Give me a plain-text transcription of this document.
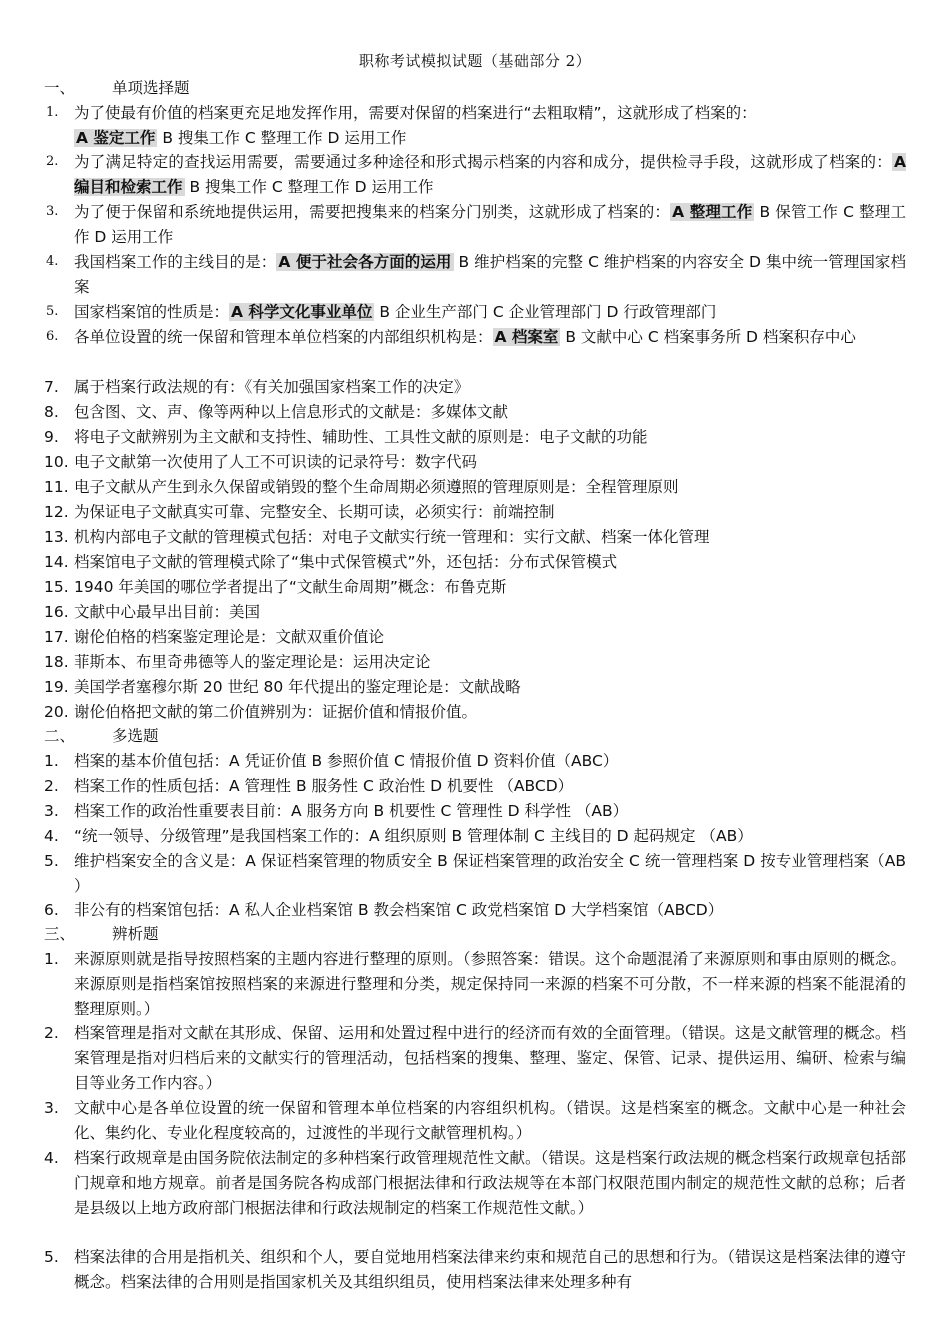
职称考试模拟试题（基础部分 2）
一、 单项选择题
1.	为了使最有价值的档案更充足地发挥作用，需要对保留的档案进行“去粗取精”，这就形成了档案的：
A 鉴定工作 B 搜集工作 C 整理工作 D 运用工作
2.	为了满足特定的查找运用需要，需要通过多种途径和形式揭示档案的内容和成分，提供检寻手段，这就形成了档案的： A 编目和检索工作 B 搜集工作 C 整理工作 D 运用工作
3.	为了便于保留和系统地提供运用，需要把搜集来的档案分门别类，这就形成了档案的： A 整理工作 B 保管工作 C 整理工作 D 运用工作
4.	我国档案工作的主线目的是： A 便于社会各方面的运用 B 维护档案的完整 C 维护档案的内容安全 D 集中统一管理国家档案
5.	国家档案馆的性质是： A 科学文化事业单位 B 企业生产部门 C 企业管理部门 D 行政管理部门
6.	各单位设置的统一保留和管理本单位档案的内部组织机构是： A 档案室 B 文献中心 C 档案事务所 D 档案积存中心
7. 属于档案行政法规的有：《有关加强国家档案工作的决定》
8. 包含图、文、声、像等两种以上信息形式的文献是：多媒体文献
9. 将电子文献辨别为主文献和支持性、辅助性、工具性文献的原则是：电子文献的功能
10. 电子文献第一次使用了人工不可识读的记录符号：数字代码
11. 电子文献从产生到永久保留或销毁的整个生命周期必须遵照的管理原则是：全程管理原则
12. 为保证电子文献真实可靠、完整安全、长期可读，必须实行：前端控制
13. 机构内部电子文献的管理模式包括：对电子文献实行统一管理和：实行文献、档案一体化管理
14. 档案馆电子文献的管理模式除了“集中式保管模式”外，还包括：分布式保管模式
15. 1940 年美国的哪位学者提出了“文献生命周期”概念：布鲁克斯
16. 文献中心最早出目前：美国
17. 谢伦伯格的档案鉴定理论是：文献双重价值论
18. 菲斯本、布里奇弗德等人的鉴定理论是：运用决定论
19. 美国学者塞穆尔斯 20 世纪 80 年代提出的鉴定理论是：文献战略
20. 谢伦伯格把文献的第二价值辨别为：证据价值和情报价值。
二、 多选题
1. 档案的基本价值包括：A 凭证价值 B 参照价值 C 情报价值 D 资料价值（ABC）
2. 档案工作的性质包括：A 管理性 B 服务性 C 政治性 D 机要性 （ABCD）
3. 档案工作的政治性重要表目前：A 服务方向 B 机要性 C 管理性 D 科学性 （AB）
4. “统一领导、分级管理”是我国档案工作的：A 组织原则 B 管理体制 C 主线目的 D 起码规定 （AB）
5. 维护档案安全的含义是：A 保证档案管理的物质安全 B 保证档案管理的政治安全 C 统一管理档案 D 按专业管理档案（AB ）
6. 非公有的档案馆包括：A 私人企业档案馆 B 教会档案馆 C 政党档案馆 D 大学档案馆（ABCD）
三、 辨析题
1. 来源原则就是指导按照档案的主题内容进行整理的原则。（参照答案：错误。这个命题混淆了来源原则和事由原则的概念。来源原则是指档案馆按照档案的来源进行整理和分类，规定保持同一来源的档案不可分散，不一样来源的档案不能混淆的整理原则。）
2. 档案管理是指对文献在其形成、保留、运用和处置过程中进行的经济而有效的全面管理。（错误。这是文献管理的概念。档案管理是指对归档后来的文献实行的管理活动，包括档案的搜集、整理、鉴定、保管、记录、提供运用、编研、检索与编目等业务工作内容。）
3. 文献中心是各单位设置的统一保留和管理本单位档案的内容组织机构。（错误。这是档案室的概念。文献中心是一种社会化、集约化、专业化程度较高的，过渡性的半现行文献管理机构。）
4. 档案行政规章是由国务院依法制定的多种档案行政管理规范性文献。（错误。这是档案行政法规的概念档案行政规章包括部门规章和地方规章。前者是国务院各构成部门根据法律和行政法规等在本部门权限范围内制定的规范性文献的总称；后者是县级以上地方政府部门根据法律和行政法规制定的档案工作规范性文献。）
5. 档案法律的合用是指机关、组织和个人，要自觉地用档案法律来约束和规范自己的思想和行为。（错误这是档案法律的遵守概念。档案法律的合用则是指国家机关及其组织组员，使用档案法律来处理多种有
